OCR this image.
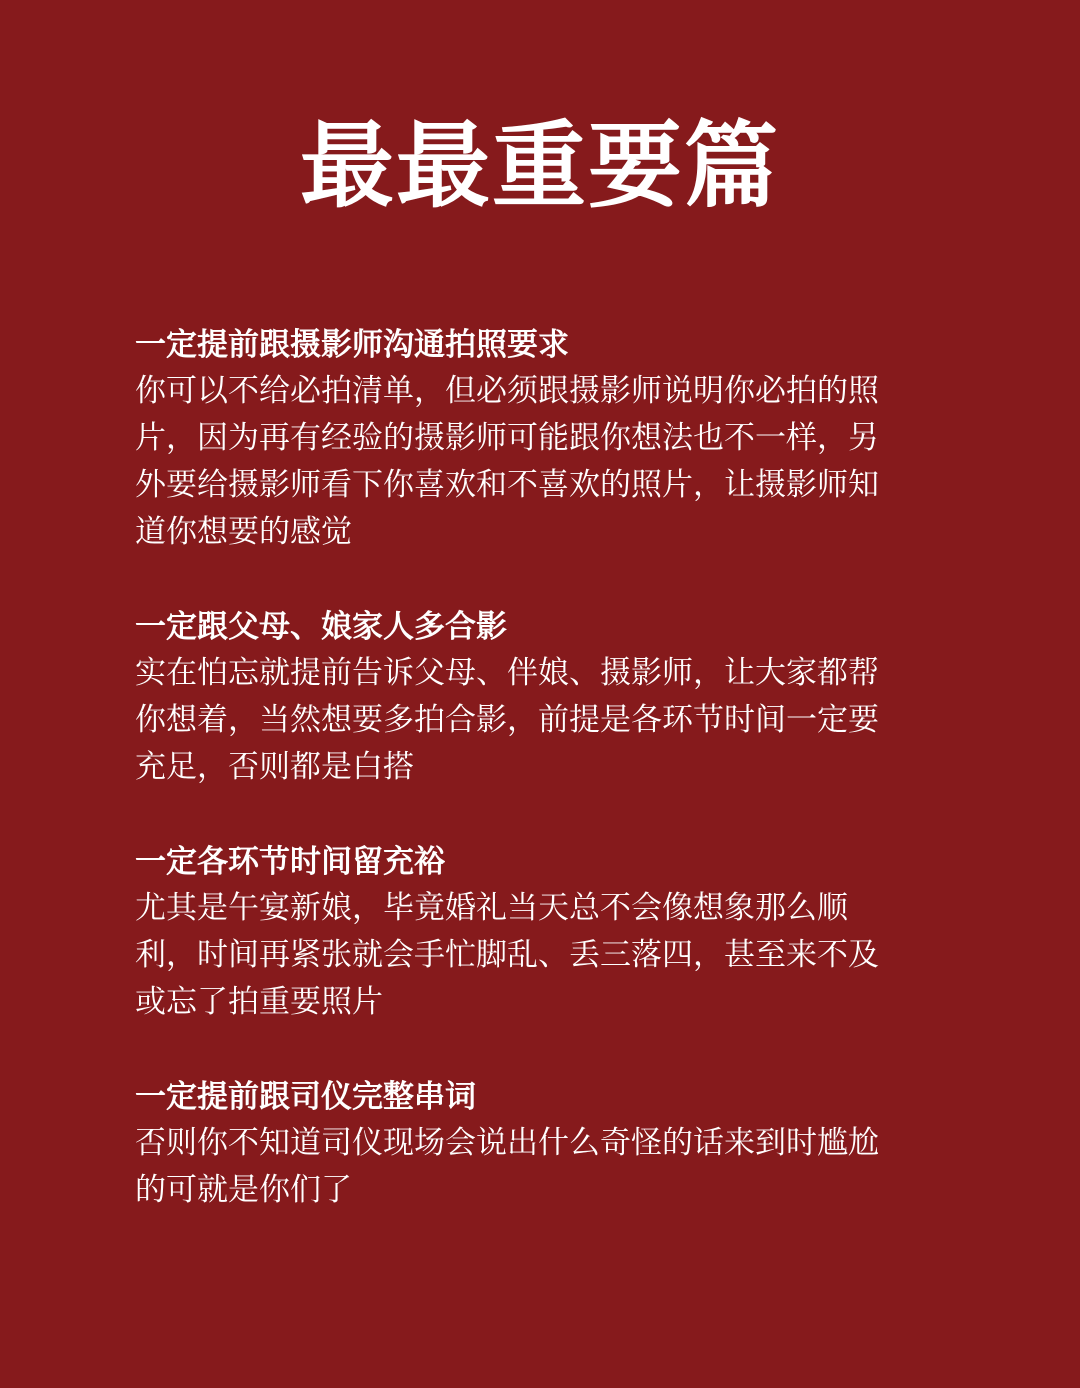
最最重要篇

一定提前跟摄影师沟通拍照要求

你可以不给必拍清单，但必须跟摄影师说明你必拍的照
片，因为再有经验的摄影师可能跟你想法也不一样，另
外要给摄影师看下你喜欢和不喜欢的照片，让摄影师知
道你想要的感觉

一定跟父母、娘家人多合影

实在怕忘就提前告诉父母、伴娘、摄影师，让大家都帮
你想着，当然想要多拍合影，前提是各环节时间一定要
充足，否则都是白搭

一定各环节时间留充裕

尤其是午宴新娘，毕竟婚礼当天总不会像想象那么顺
利，时间再紧张就会手忙脚乱、丢三落四，甚至来不及
或忘了拍重要照片

一定提前跟司仪完整串词

否则你不知道司仪现场会说出什么奇怪的话来到时尴尬
的可就是你们了
